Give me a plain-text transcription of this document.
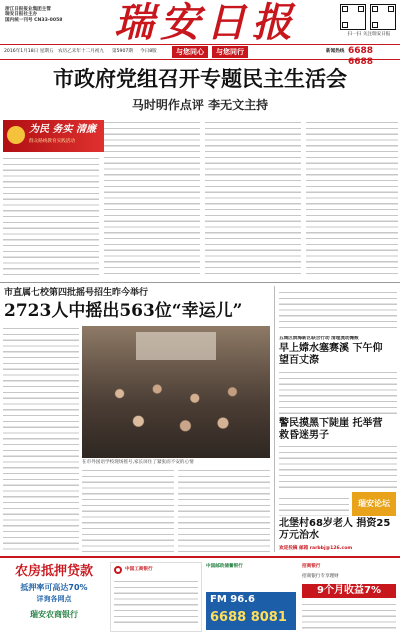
浙江日报报业集团主管
瑞安日报社主办
国内统一刊号 CN33-0058	瑞安日报	扫一扫 关注瑞安日报
2016年1月18日 星期五 农历乙未年十二月初九 第5907期 今日8版	与您同心	与您同行	新闻热线 6688 6688
市政府党组召开专题民主生活会
马时明作点评 李无文主持
为民 务实 清廉
群众路线教育实践活动
市直属七校第四批摇号招生昨今举行
2723人中摇出563位“幸运儿”
在市外国语学校现场摇号,家长屏住了紧张而不安的心情
五城区滨海新区联合行动 清理流动摊贩
早上嫦水塞赛溪 下午仰望百丈漈
警民摸黑下陡崖 托举营救昏迷男子
瑞安论坛
北堡村68岁老人 捐资25万元治水
欢迎投稿 邮箱 rarbbj@126.com
农房抵押贷款
抵押率可高达70%
详询各网点
瑞安农商银行
中国工商银行
中国邮政储蓄银行
FM 96.6
6688 8081
招商银行
招商银行专享理财
9个月收益7%
